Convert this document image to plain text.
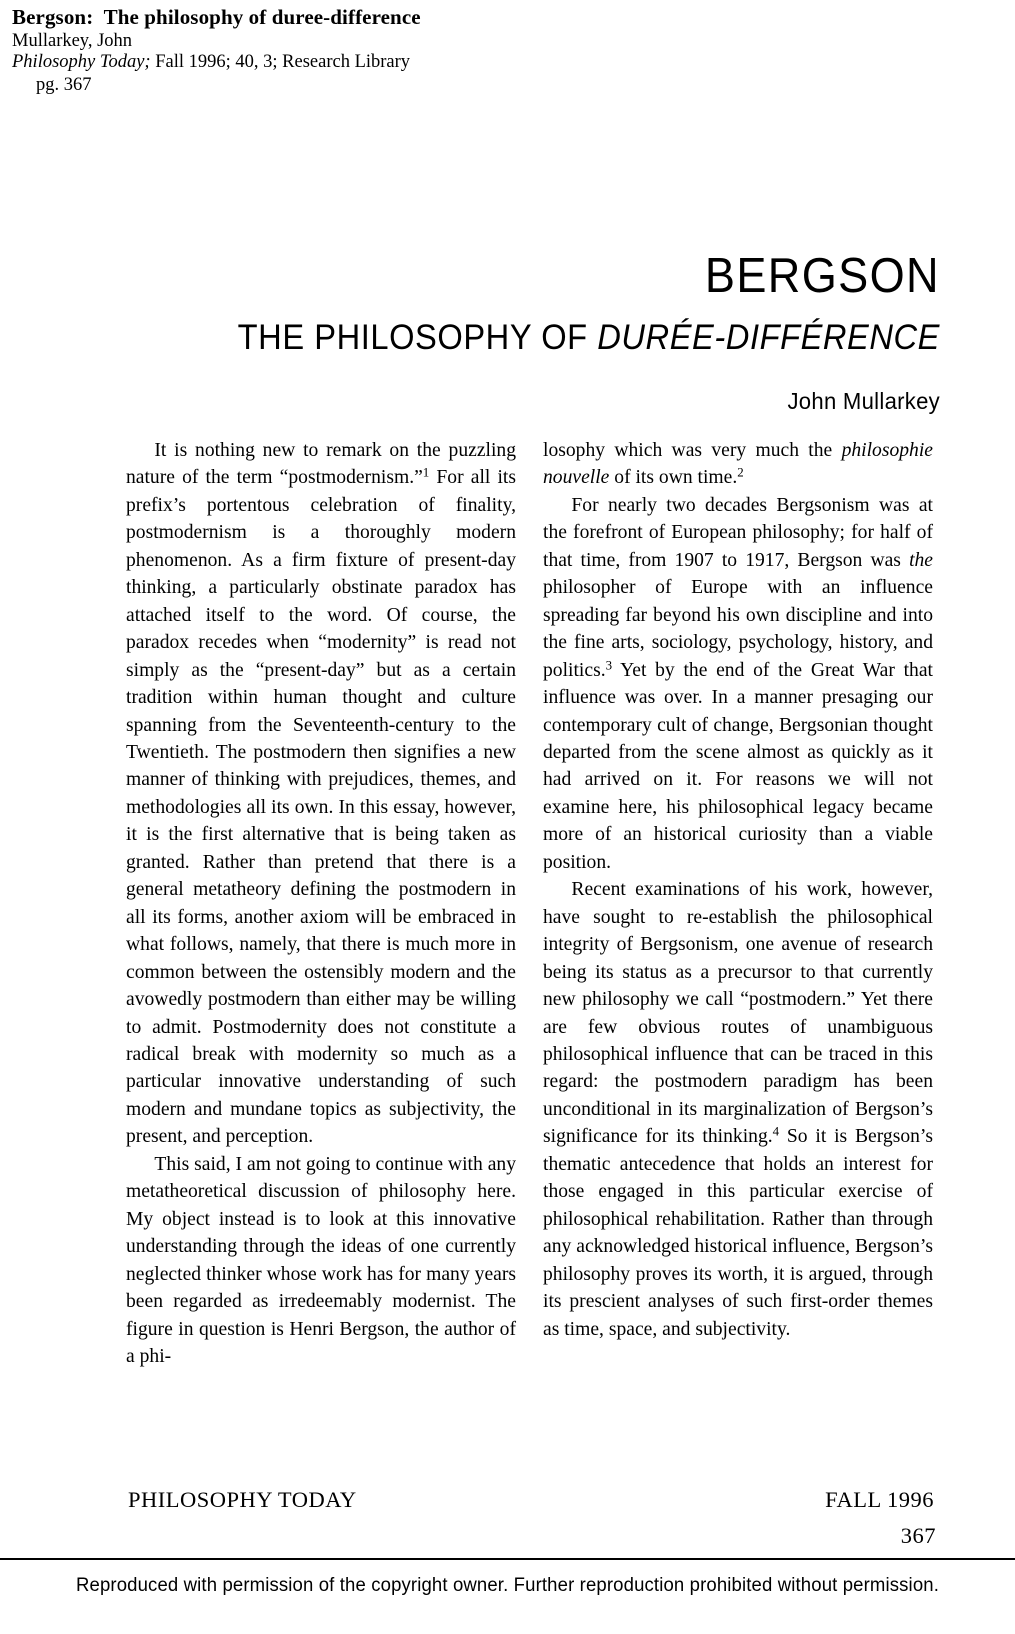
Bergson:  The philosophy of duree-difference
Mullarkey, John
Philosophy Today; Fall 1996; 40, 3; Research Library
pg. 367
BERGSON
THE PHILOSOPHY OF DURÉE-DIFFÉRENCE
John Mullarkey

It is nothing new to remark on the puzzling nature of the term “postmodernism.”$^1$ For all its prefix’s portentous celebration of finality, postmodernism is a thoroughly modern phenomenon. As a firm fixture of present-day thinking, a particularly obstinate paradox has attached itself to the word. Of course, the paradox recedes when “modernity” is read not simply as the “present-day” but as a certain tradition within human thought and culture spanning from the Seventeenth-century to the Twentieth. The postmodern then signifies a new manner of thinking with prejudices, themes, and methodologies all its own. In this essay, however, it is the first alternative that is being taken as granted. Rather than pretend that there is a general metatheory defining the postmodern in all its forms, another axiom will be embraced in what follows, namely, that there is much more in common between the ostensibly modern and the avowedly postmodern than either may be willing to admit. Postmodernity does not constitute a radical break with modernity so much as a particular innovative understanding of such modern and mundane topics as subjectivity, the present, and perception.

This said, I am not going to continue with any metatheoretical discussion of philosophy here. My object instead is to look at this innovative understanding through the ideas of one currently neglected thinker whose work has for many years been regarded as irredeemably modernist. The figure in question is Henri Bergson, the author of a phi-

losophy which was very much the philosophie nouvelle of its own time.$^2$

For nearly two decades Bergsonism was at the forefront of European philosophy; for half of that time, from 1907 to 1917, Bergson was the philosopher of Europe with an influence spreading far beyond his own discipline and into the fine arts, sociology, psychology, history, and politics.$^3$ Yet by the end of the Great War that influence was over. In a manner presaging our contemporary cult of change, Bergsonian thought departed from the scene almost as quickly as it had arrived on it. For reasons we will not examine here, his philosophical legacy became more of an historical curiosity than a viable position.

Recent examinations of his work, however, have sought to re-establish the philosophical integrity of Bergsonism, one avenue of research being its status as a precursor to that currently new philosophy we call “postmodern.” Yet there are few obvious routes of unambiguous philosophical influence that can be traced in this regard: the postmodern paradigm has been unconditional in its marginalization of Bergson’s significance for its thinking.$^4$ So it is Bergson’s thematic antecedence that holds an interest for those engaged in this particular exercise of philosophical rehabilitation. Rather than through any acknowledged historical influence, Bergson’s philosophy proves its worth, it is argued, through its prescient analyses of such first-order themes as time, space, and subjectivity.

PHILOSOPHY TODAY	FALL 1996
367
Reproduced with permission of the copyright owner. Further reproduction prohibited without permission.
